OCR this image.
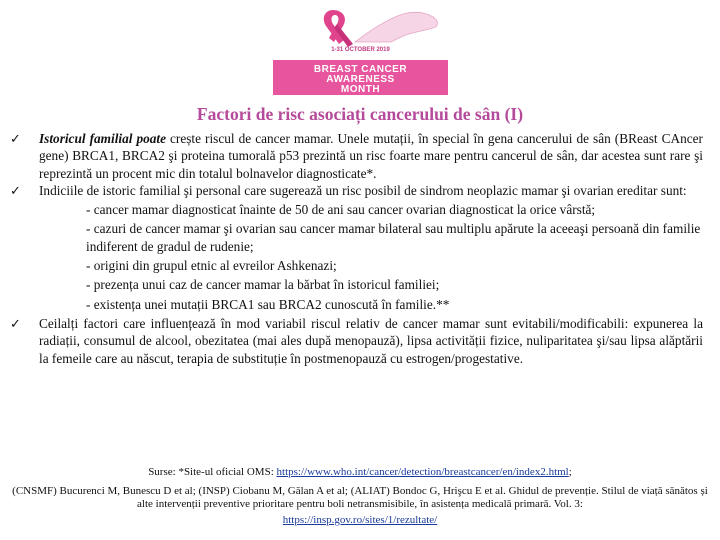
1-31 OCTOBER 2019
BREAST CANCER
AWARENESS
MONTH
Factori de risc asociați cancerului de sân (I)
✓ Istoricul familial poate crește riscul de cancer mamar. Unele mutații, în special în gena cancerului de sân (BReast CAncer gene) BRCA1, BRCA2 şi proteina tumorală p53 prezintă un risc foarte mare pentru cancerul de sân, dar acestea sunt rare şi reprezintă un procent mic din totalul bolnavelor diagnosticate*.
✓ Indiciile de istoric familial şi personal care sugerează un risc posibil de sindrom neoplazic mamar şi ovarian ereditar sunt:
- cancer mamar diagnosticat înainte de 50 de ani sau cancer ovarian diagnosticat la orice vârstă;
- cazuri de cancer mamar şi ovarian sau cancer mamar bilateral sau multiplu apărute la aceeaşi persoană din familie indiferent de gradul de rudenie;
- origini din grupul etnic al evreilor Ashkenazi;
- prezența unui caz de cancer mamar la bărbat în istoricul familiei;
- existența unei mutații BRCA1 sau BRCA2 cunoscută în familie.**
✓ Ceilalți factori care influențează în mod variabil riscul relativ de cancer mamar sunt evitabili/modificabili: expunerea la radiații, consumul de alcool, obezitatea (mai ales după menopauză), lipsa activității fizice, nuliparitatea şi/sau lipsa alăptării la femeile care au născut, terapia de substituție în postmenopauză cu estrogen/progestative.
Surse: *Site-ul oficial OMS: https://www.who.int/cancer/detection/breastcancer/en/index2.html;
(CNSMF) Bucurenci M, Bunescu D et al; (INSP) Ciobanu M, Gălan A et al; (ALIAT) Bondoc G, Hrişcu E et al. Ghidul de prevenție. Stilul de viață sănătos și alte intervenții preventive prioritare pentru boli netransmisibile, în asistența medicală primară. Vol. 3:
https://insp.gov.ro/sites/1/rezultate/
